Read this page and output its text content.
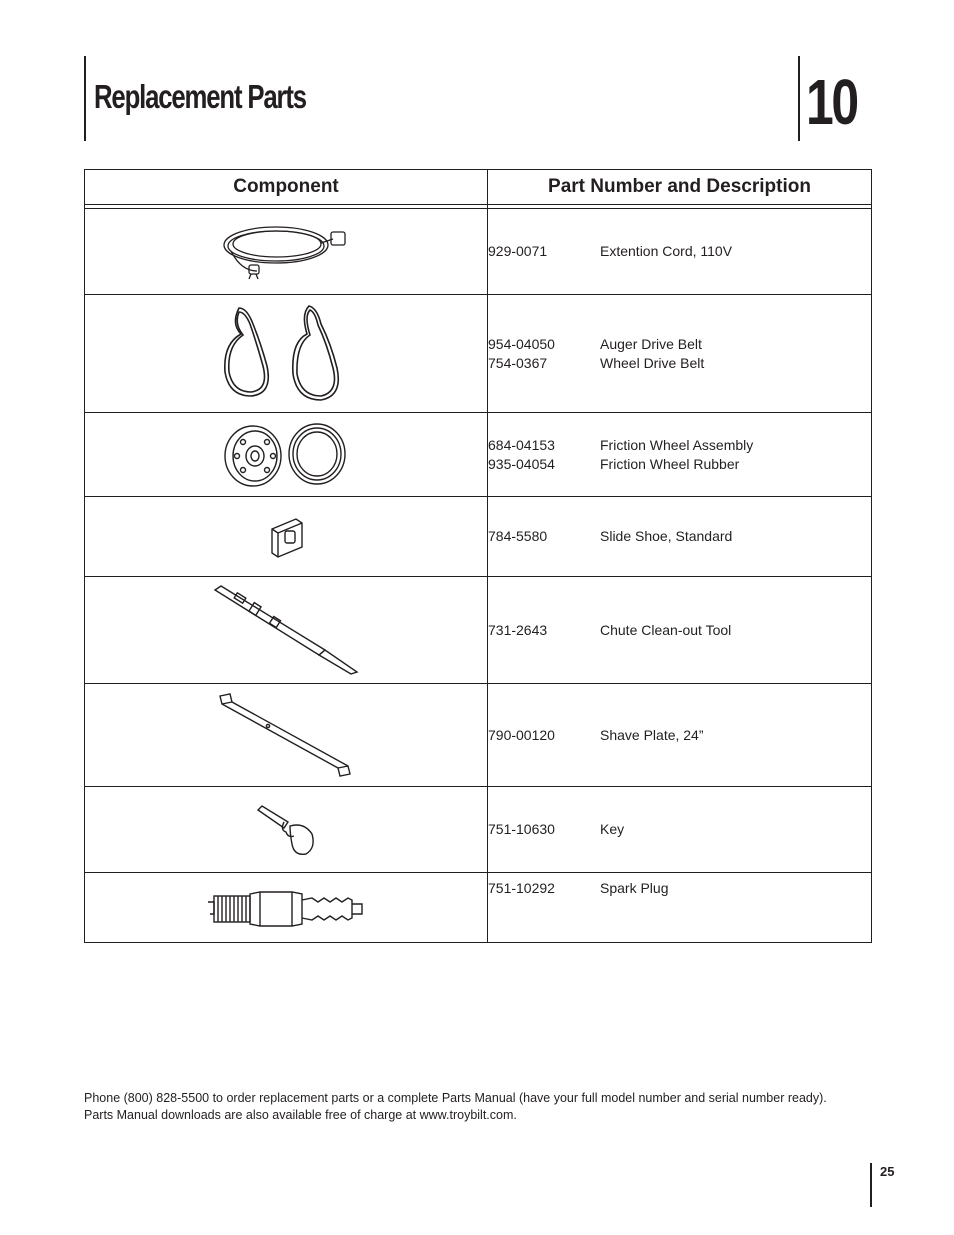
Replacement Parts	10
Component	Part Number and Description

929-0071 Extention Cord, 110V

954-04050 Auger Drive Belt
754-0367 Wheel Drive Belt

684-04153 Friction Wheel Assembly
935-04054 Friction Wheel Rubber

784-5580 Slide Shoe, Standard

731-2643 Chute Clean-out Tool

790-00120 Shave Plate, 24”

751-10630 Key

751-10292 Spark Plug

Phone (800) 828-5500 to order replacement parts or a complete Parts Manual (have your full model number and serial number ready).
Parts Manual downloads are also available free of charge at www.troybilt.com.

25
